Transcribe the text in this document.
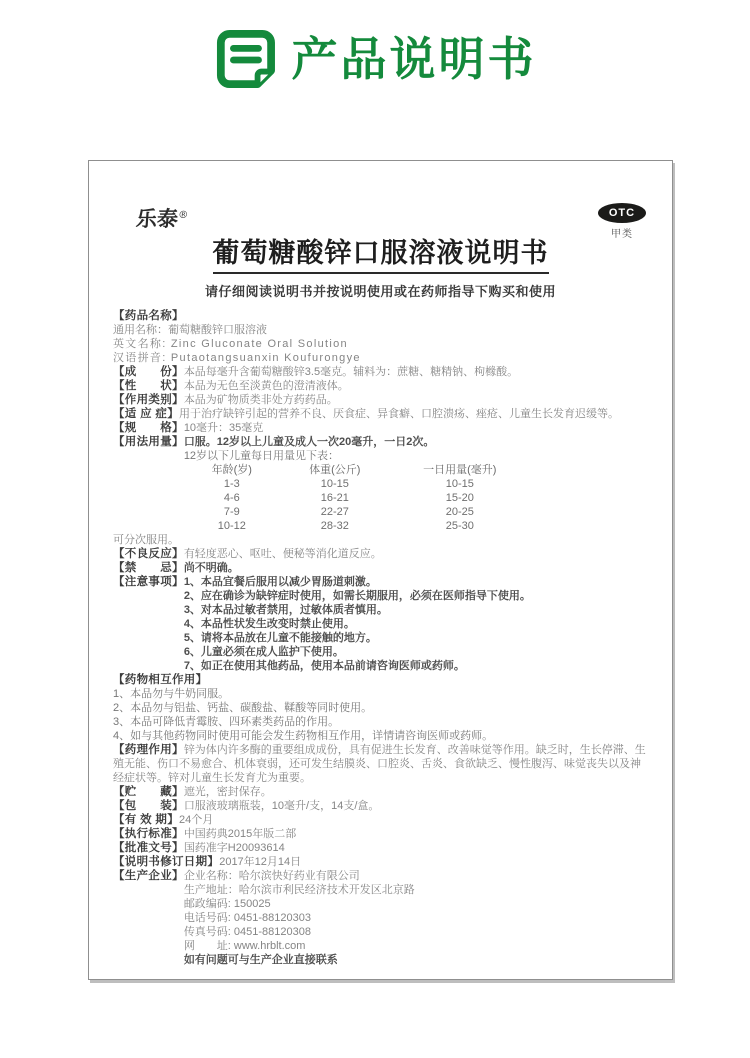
产品说明书
乐泰®	OTC
甲类
葡萄糖酸锌口服溶液说明书

请仔细阅读说明书并按说明使用或在药师指导下购买和使用

【药品名称】
通用名称：葡萄糖酸锌口服溶液
英文名称: Zinc Gluconate Oral Solution
汉语拼音: Putaotangsuanxin Koufurongye
【成　　份】 本品每毫升含葡萄糖酸锌3.5毫克。辅料为：蔗糖、糖精钠、枸橼酸。
【性　　状】 本品为无色至淡黄色的澄清液体。
【作用类别】 本品为矿物质类非处方药药品。
【适 应 症】 用于治疗缺锌引起的营养不良、厌食症、异食癖、口腔溃疡、痤疮、儿童生长发育迟缓等。
【规　　格】 10毫升：35毫克
【用法用量】 口服。12岁以上儿童及成人一次20毫升，一日2次。
12岁以下儿童每日用量见下表：
年龄(岁)	体重(公斤)	一日用量(毫升)
1-3	10-15	10-15
4-6	16-21	15-20
7-9	22-27	20-25
10-12	28-32	25-30
可分次服用。
【不良反应】 有轻度恶心、呕吐、便秘等消化道反应。
【禁　　忌】 尚不明确。
【注意事项】 1、本品宜餐后服用以减少胃肠道刺激。
2、应在确诊为缺锌症时使用，如需长期服用，必须在医师指导下使用。
3、对本品过敏者禁用，过敏体质者慎用。
4、本品性状发生改变时禁止使用。
5、请将本品放在儿童不能接触的地方。
6、儿童必须在成人监护下使用。
7、如正在使用其他药品，使用本品前请咨询医师或药师。
【药物相互作用】
1、本品勿与牛奶同服。
2、本品勿与铝盐、钙盐、碳酸盐、鞣酸等同时使用。
3、本品可降低青霉胺、四环素类药品的作用。
4、如与其他药物同时使用可能会发生药物相互作用，详情请咨询医师或药师。

【药理作用】锌为体内许多酶的重要组成成份，具有促进生长发育、改善味觉等作用。缺乏时，生长停滞、生殖无能、伤口不易愈合、机体衰弱，还可发生结膜炎、口腔炎、舌炎、食欲缺乏、慢性腹泻、味觉丧失以及神经症状等。锌对儿童生长发育尤为重要。

【贮　　藏】 遮光，密封保存。
【包　　装】 口服液玻璃瓶装，10毫升/支，14支/盒。
【有 效 期】 24个月
【执行标准】 中国药典2015年版二部
【批准文号】 国药准字H20093614
【说明书修订日期】 2017年12月14日
【生产企业】 企业名称：哈尔滨快好药业有限公司
生产地址：哈尔滨市利民经济技术开发区北京路
邮政编码: 150025
电话号码: 0451-88120303
传真号码: 0451-88120308
网　　址: www.hrblt.com
如有问题可与生产企业直接联系
